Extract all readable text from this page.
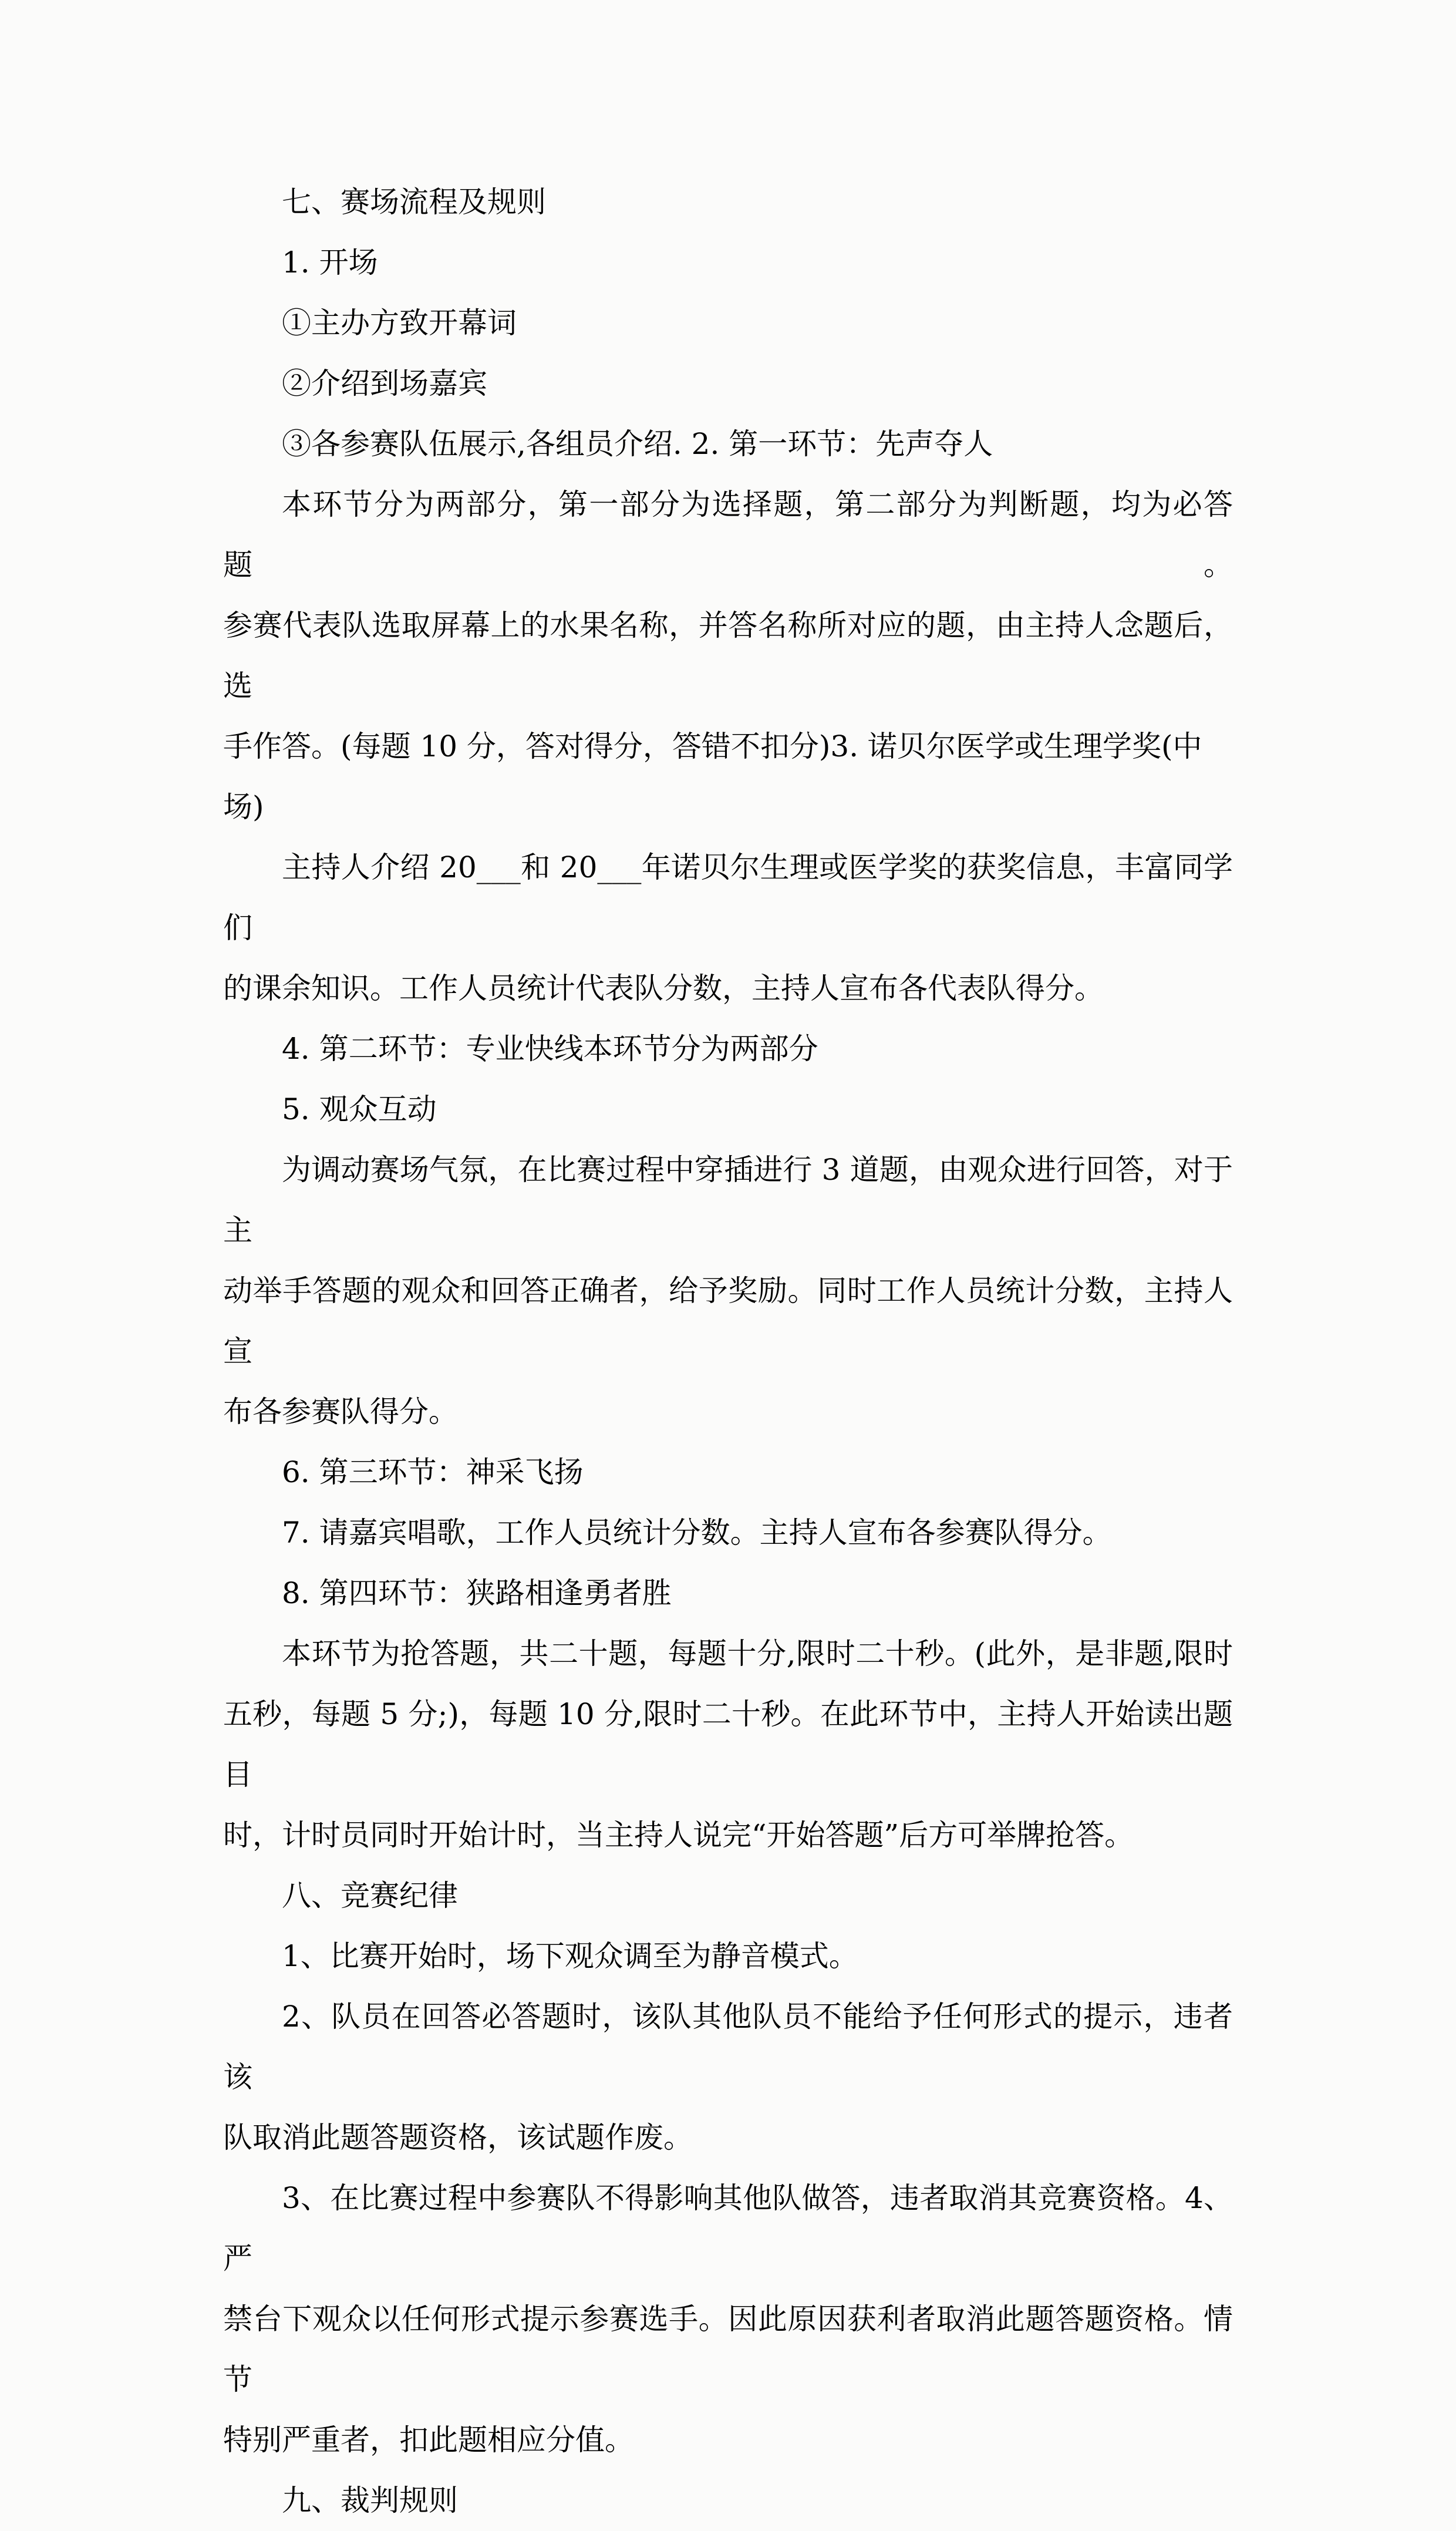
七、赛场流程及规则
1. 开场
①主办方致开幕词
②介绍到场嘉宾
③各参赛队伍展示,各组员介绍. 2. 第一环节：先声夺人
本环节分为两部分，第一部分为选择题，第二部分为判断题，均为必答题。
参赛代表队选取屏幕上的水果名称，并答名称所对应的题，由主持人念题后，选
手作答。(每题 10 分，答对得分，答错不扣分)3. 诺贝尔医学或生理学奖(中场)
主持人介绍 20___和 20___年诺贝尔生理或医学奖的获奖信息，丰富同学们
的课余知识。工作人员统计代表队分数，主持人宣布各代表队得分。
4. 第二环节：专业快线本环节分为两部分
5. 观众互动
为调动赛场气氛，在比赛过程中穿插进行 3 道题，由观众进行回答，对于主
动举手答题的观众和回答正确者，给予奖励。同时工作人员统计分数，主持人宣
布各参赛队得分。
6. 第三环节：神采飞扬
7. 请嘉宾唱歌，工作人员统计分数。主持人宣布各参赛队得分。
8. 第四环节：狭路相逢勇者胜
本环节为抢答题，共二十题，每题十分,限时二十秒。(此外，是非题,限时
五秒，每题 5 分;)，每题 10 分,限时二十秒。在此环节中，主持人开始读出题目
时，计时员同时开始计时，当主持人说完“开始答题”后方可举牌抢答。
八、竞赛纪律
1、比赛开始时，场下观众调至为静音模式。
2、队员在回答必答题时，该队其他队员不能给予任何形式的提示，违者该
队取消此题答题资格，该试题作废。
3、在比赛过程中参赛队不得影响其他队做答，违者取消其竞赛资格。4、严
禁台下观众以任何形式提示参赛选手。因此原因获利者取消此题答题资格。情节
特别严重者，扣此题相应分值。
九、裁判规则
